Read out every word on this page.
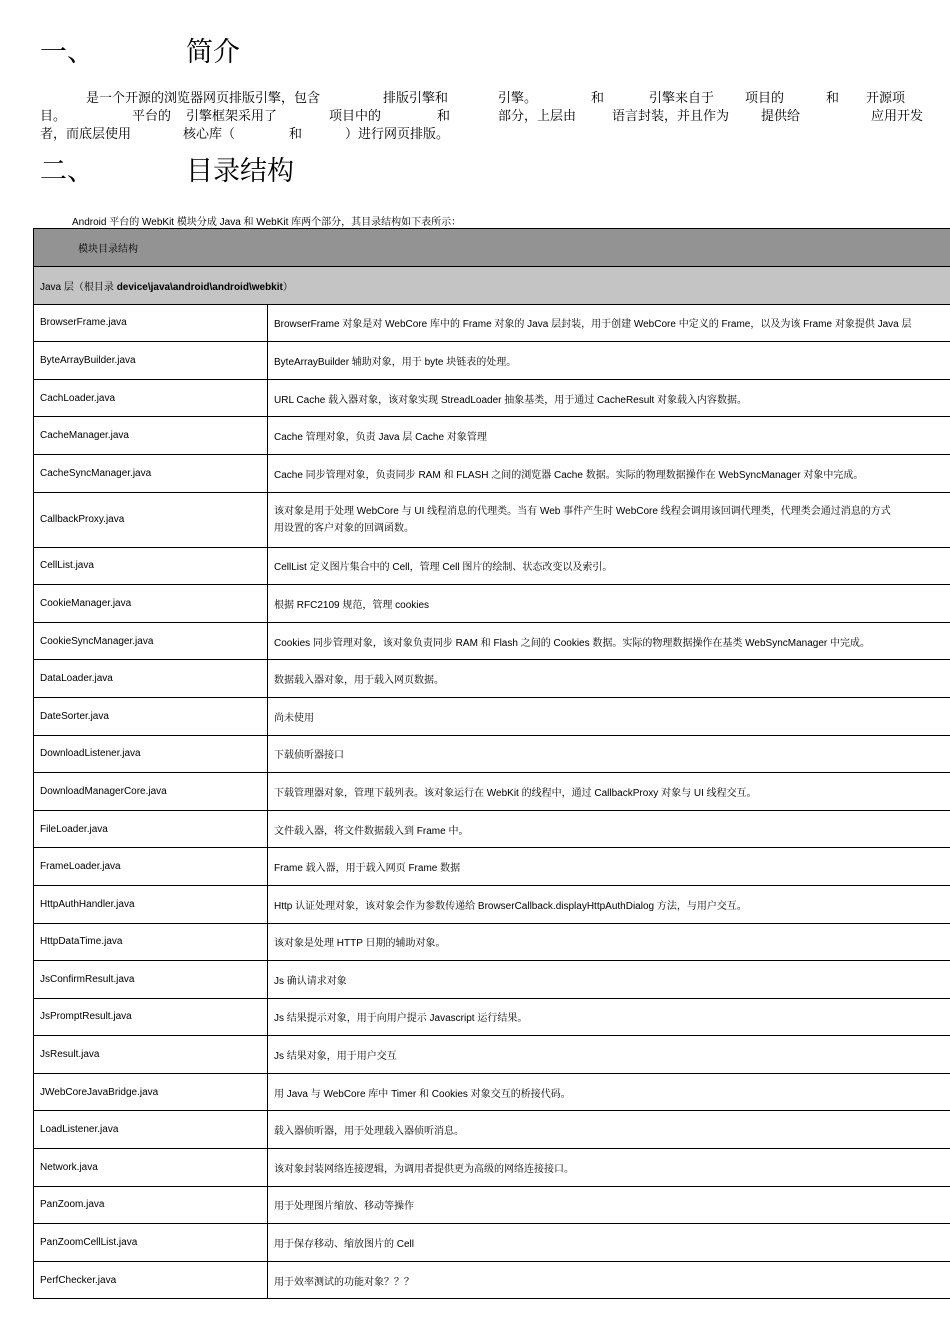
一、	简介
是一个开源的浏览器网页排版引擎，包含	排版引擎和	引擎。	和	引擎来自于 项目的	和 开源项
目。	平台的 引擎框架采用了	项目中的	和	部分，上层由	语言封装，并且作为 提供给	应用开发
者，而底层使用	核心库（	和	）进行网页排版。
二、	目录结构
Android 平台的 WebKit 模块分成 Java 和 WebKit 库两个部分，其目录结构如下表所示：
模块目录结构	
Java 层（根目录 device\java\android\android\webkit）	
BrowserFrame.java	BrowserFrame 对象是对 WebCore 库中的 Frame 对象的 Java 层封装，用于创建 WebCore 中定义的 Frame，以及为该 Frame 对象提供 Java 层
ByteArrayBuilder.java	ByteArrayBuilder 辅助对象，用于 byte 块链表的处理。
CachLoader.java	URL Cache 载入器对象，该对象实现 StreadLoader 抽象基类，用于通过 CacheResult 对象载入内容数据。
CacheManager.java	Cache 管理对象，负责 Java 层 Cache 对象管理
CacheSyncManager.java	Cache 同步管理对象，负责同步 RAM 和 FLASH 之间的浏览器 Cache 数据。实际的物理数据操作在 WebSyncManager 对象中完成。
CallbackProxy.java	该对象是用于处理 WebCore 与 UI 线程消息的代理类。当有 Web 事件产生时 WebCore 线程会调用该回调代理类，代理类会通过消息的方式
用设置的客户对象的回调函数。

CellList.java	CellList 定义图片集合中的 Cell，管理 Cell 图片的绘制、状态改变以及索引。
CookieManager.java	根据 RFC2109 规范，管理 cookies
CookieSyncManager.java	Cookies 同步管理对象，该对象负责同步 RAM 和 Flash 之间的 Cookies 数据。实际的物理数据操作在基类 WebSyncManager 中完成。
DataLoader.java	数据载入器对象，用于载入网页数据。
DateSorter.java	尚未使用
DownloadListener.java	下载侦听器接口
DownloadManagerCore.java	下载管理器对象，管理下载列表。该对象运行在 WebKit 的线程中，通过 CallbackProxy 对象与 UI 线程交互。
FileLoader.java	文件载入器，将文件数据载入到 Frame 中。
FrameLoader.java	Frame 载入器，用于载入网页 Frame 数据
HttpAuthHandler.java	Http 认证处理对象，该对象会作为参数传递给 BrowserCallback.displayHttpAuthDialog 方法，与用户交互。
HttpDataTime.java	该对象是处理 HTTP 日期的辅助对象。
JsConfirmResult.java	Js 确认请求对象
JsPromptResult.java	Js 结果提示对象，用于向用户提示 Javascript 运行结果。
JsResult.java	Js 结果对象，用于用户交互
JWebCoreJavaBridge.java	用 Java 与 WebCore 库中 Timer 和 Cookies 对象交互的桥接代码。
LoadListener.java	载入器侦听器，用于处理载入器侦听消息。
Network.java	该对象封装网络连接逻辑，为调用者提供更为高级的网络连接接口。
PanZoom.java	用于处理图片缩放、移动等操作
PanZoomCellList.java	用于保存移动、缩放图片的 Cell
PerfChecker.java	用于效率测试的功能对象？？？
